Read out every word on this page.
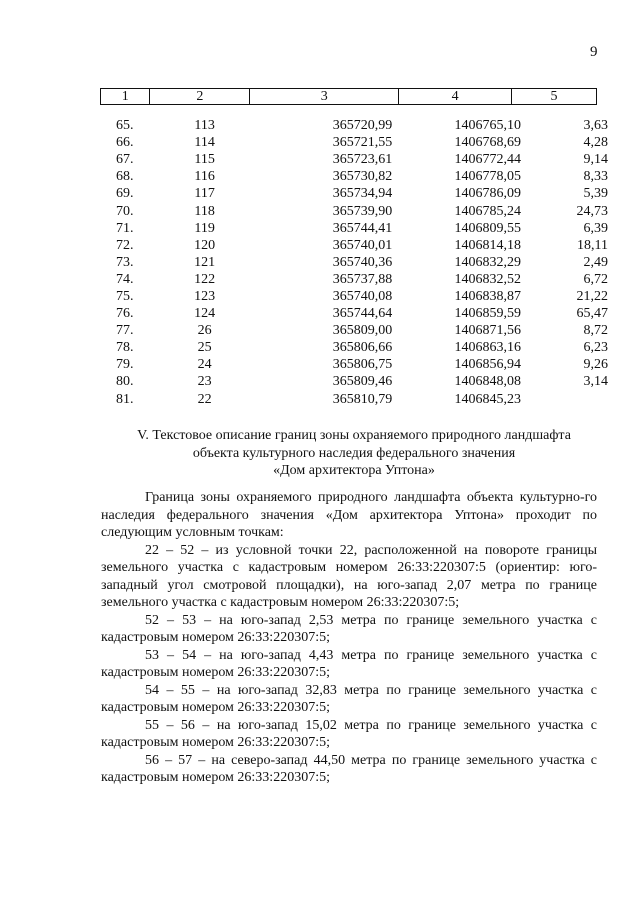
9
1	2	3	4	5
65.	113	365720,99	1406765,10	3,63
66.	114	365721,55	1406768,69	4,28
67.	115	365723,61	1406772,44	9,14
68.	116	365730,82	1406778,05	8,33
69.	117	365734,94	1406786,09	5,39
70.	118	365739,90	1406785,24	24,73
71.	119	365744,41	1406809,55	6,39
72.	120	365740,01	1406814,18	18,11
73.	121	365740,36	1406832,29	2,49
74.	122	365737,88	1406832,52	6,72
75.	123	365740,08	1406838,87	21,22
76.	124	365744,64	1406859,59	65,47
77.	26	365809,00	1406871,56	8,72
78.	25	365806,66	1406863,16	6,23
79.	24	365806,75	1406856,94	9,26
80.	23	365809,46	1406848,08	3,14
81.	22	365810,79	1406845,23	
V. Текстовое описание границ зоны охраняемого природного ландшафта
объекта культурного наследия федерального значения
«Дом архитектора Уптона»

Граница зоны охраняемого природного ландшафта объекта культурно-го наследия федерального значения «Дом архитектора Уптона» проходит по следующим условным точкам:

22 – 52 – из условной точки 22, расположенной на повороте границы земельного участка с кадастровым номером 26:33:220307:5 (ориентир: юго-западный угол смотровой площадки), на юго-запад 2,07 метра по границе земельного участка с кадастровым номером 26:33:220307:5;

52 – 53 – на юго-запад 2,53 метра по границе земельного участка с кадастровым номером 26:33:220307:5;

53 – 54 – на юго-запад 4,43 метра по границе земельного участка с кадастровым номером 26:33:220307:5;

54 – 55 – на юго-запад 32,83 метра по границе земельного участка с кадастровым номером 26:33:220307:5;

55 – 56 – на юго-запад 15,02 метра по границе земельного участка с кадастровым номером 26:33:220307:5;

56 – 57 – на северо-запад 44,50 метра по границе земельного участка с кадастровым номером 26:33:220307:5;
